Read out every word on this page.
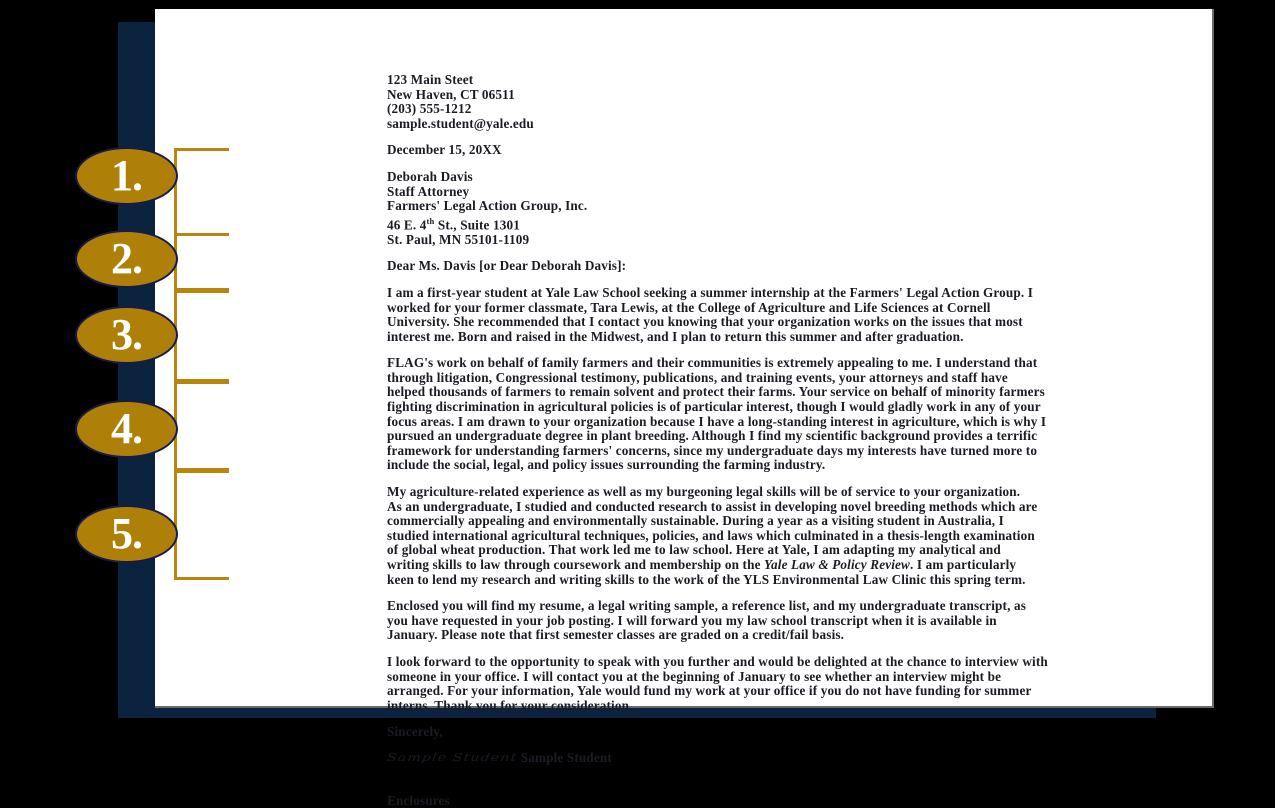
123 Main Steet
New Haven, CT 06511
(203) 555-1212
sample.student@yale.edu
December 15, 20XX
Deborah Davis
Staff Attorney
Farmers' Legal Action Group, Inc.
46 E. 4th St., Suite 1301
St. Paul, MN 55101-1109
Dear Ms. Davis [or Dear Deborah Davis]:
I am a first-year student at Yale Law School seeking a summer internship at the Farmers' Legal Action Group. I
worked for your former classmate, Tara Lewis, at the College of Agriculture and Life Sciences at Cornell
University. She recommended that I contact you knowing that your organization works on the issues that most
interest me. Born and raised in the Midwest, and I plan to return this summer and after graduation.
FLAG's work on behalf of family farmers and their communities is extremely appealing to me. I understand that
through litigation, Congressional testimony, publications, and training events, your attorneys and staff have
helped thousands of farmers to remain solvent and protect their farms. Your service on behalf of minority farmers
fighting discrimination in agricultural policies is of particular interest, though I would gladly work in any of your
focus areas. I am drawn to your organization because I have a long-standing interest in agriculture, which is why I
pursued an undergraduate degree in plant breeding. Although I find my scientific background provides a terrific
framework for understanding farmers' concerns, since my undergraduate days my interests have turned more to
include the social, legal, and policy issues surrounding the farming industry.
My agriculture-related experience as well as my burgeoning legal skills will be of service to your organization.
As an undergraduate, I studied and conducted research to assist in developing novel breeding methods which are
commercially appealing and environmentally sustainable. During a year as a visiting student in Australia, I
studied international agricultural techniques, policies, and laws which culminated in a thesis-length examination
of global wheat production. That work led me to law school. Here at Yale, I am adapting my analytical and
writing skills to law through coursework and membership on the Yale Law & Policy Review. I am particularly
keen to lend my research and writing skills to the work of the YLS Environmental Law Clinic this spring term.
Enclosed you will find my resume, a legal writing sample, a reference list, and my undergraduate transcript, as
you have requested in your job posting. I will forward you my law school transcript when it is available in
January. Please note that first semester classes are graded on a credit/fail basis.
I look forward to the opportunity to speak with you further and would be delighted at the chance to interview with
someone in your office. I will contact you at the beginning of January to see whether an interview might be
arranged. For your information, Yale would fund my work at your office if you do not have funding for summer
interns. Thank you for your consideration.
Sincerely,
Sample Student Sample Student
Enclosures
1.
2.
3.
4.
5.
